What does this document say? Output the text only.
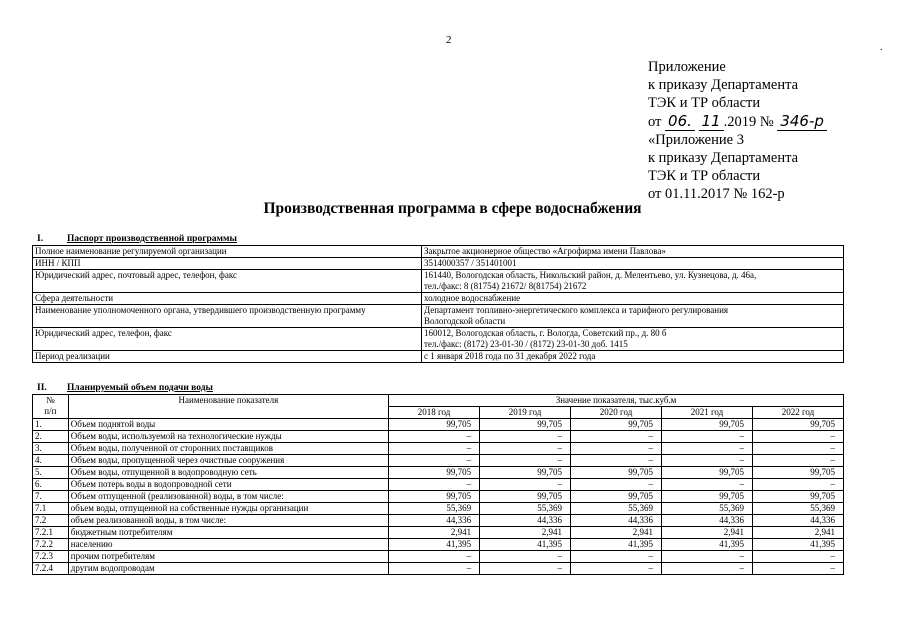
2
.
Приложение
к приказу Департамента
ТЭК и ТР области
от 06. 11 .2019 № 346-р
«Приложение 3
к приказу Департамента
ТЭК и ТР области
от 01.11.2017 № 162-р
Производственная программа в сфере водоснабжения
I.	Паспорт производственной программы
Полное наименование регулируемой организации	Закрытое акционерное общество «Агрофирма имени Павлова»
ИНН / КПП	3514000357 / 351401001
Юридический адрес, почтовый адрес, телефон, факс	161440, Вологодская область, Никольский район, д. Мелентьево, ул. Кузнецова, д. 46а,
тел./факс: 8 (81754) 21672/ 8(81754) 21672

Сфера деятельности	холодное водоснабжение
Наименование уполномоченного органа, утвердившего производственную программу	Департамент топливно-энергетического комплекса и тарифного регулирования
Вологодской области

Юридический адрес, телефон, факс	160012, Вологодская область, г. Вологда, Советский пр., д. 80 б
тел./факс: (8172) 23-01-30 / (8172) 23-01-30 доб. 1415

Период реализации	с 1 января 2018 года по 31 декабря 2022 года
II. Планируемый объем подачи воды
№
п/п	Наименование показателя	Значение показателя, тыс.куб.м				
		2018 год	2019 год	2020 год	2021 год	2022 год
1.	Объем поднятой воды	99,705	99,705	99,705	99,705	99,705
2.	Объем воды, используемой на технологические нужды	–	–	–	–	–
3.	Объем воды, полученной от сторонних поставщиков	–	–	–	–	–
4.	Объем воды, пропущенной через очистные сооружения	–	–	–	–	–
5.	Объем воды, отпущенной в водопроводную сеть	99,705	99,705	99,705	99,705	99,705
6.	Объем потерь воды в водопроводной сети	–	–	–	–	–
7.	Объем отпущенной (реализованной) воды, в том числе:	99,705	99,705	99,705	99,705	99,705
7.1	объем воды, отпущенной на собственные нужды организации	55,369	55,369	55,369	55,369	55,369
7.2	объем реализованной воды, в том числе:	44,336	44,336	44,336	44,336	44,336
7.2.1	бюджетным потребителям	2,941	2,941	2,941	2,941	2,941
7.2.2	населению	41,395	41,395	41,395	41,395	41,395
7.2.3	прочим потребителям	–	–	–	–	–
7.2.4	другим водопроводам	–	–	–	–	–
